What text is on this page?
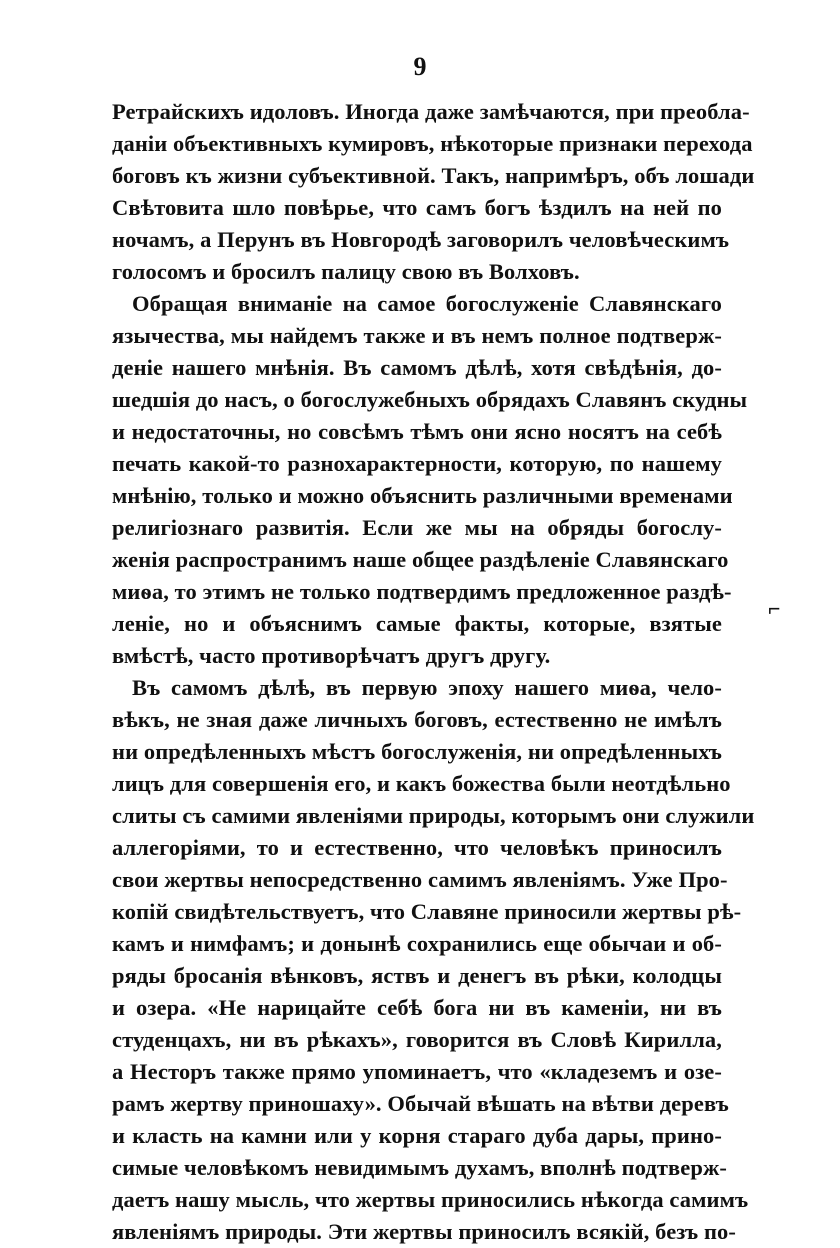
9
Ретрайскихъ идоловъ. Иногда даже замѣчаются, при преобла-
даніи объективныхъ кумировъ, нѣкоторые признаки перехода
боговъ къ жизни субъективной. Такъ, напримѣръ, объ лошади
Свѣтовита шло повѣрье, что самъ богъ ѣздилъ на ней по
ночамъ, а Перунъ въ Новгородѣ заговорилъ человѣческимъ
голосомъ и бросилъ палицу свою въ Волховъ.
Обращая вниманіе на самое богослуженіе Славянскаго
язычества, мы найдемъ также и въ немъ полное подтверж-
деніе нашего мнѣнія. Въ самомъ дѣлѣ, хотя свѣдѣнія, до-
шедшія до насъ, о богослужебныхъ обрядахъ Славянъ скудны
и недостаточны, но совсѣмъ тѣмъ они ясно носятъ на себѣ
печать какой-то разнохарактерности, которую, по нашему
мнѣнію, только и можно объяснить различными временами
религіознаго развитія. Если же мы на обряды богослу-
женія распространимъ наше общее раздѣленіе Славянскаго
миѳа, то этимъ не только подтвердимъ предложенное раздѣ-
леніе, но и объяснимъ самые факты, которые, взятые
вмѣстѣ, часто противорѣчатъ другъ другу.
Въ самомъ дѣлѣ, въ первую эпоху нашего миѳа, чело-
вѣкъ, не зная даже личныхъ боговъ, естественно не имѣлъ
ни опредѣленныхъ мѣстъ богослуженія, ни опредѣленныхъ
лицъ для совершенія его, и какъ божества были неотдѣльно
слиты съ самими явленіями природы, которымъ они служили
аллегоріями, то и естественно, что человѣкъ приносилъ
свои жертвы непосредственно самимъ явленіямъ. Уже Про-
копій свидѣтельствуетъ, что Славяне приносили жертвы рѣ-
камъ и нимфамъ; и донынѣ сохранились еще обычаи и об-
ряды бросанія вѣнковъ, яствъ и денегъ въ рѣки, колодцы
и озера. «Не нарицайте себѣ бога ни въ каменіи, ни въ
студенцахъ, ни въ рѣкахъ», говорится въ Словѣ Кирилла,
а Несторъ также прямо упоминаетъ, что «кладеземъ и озе-
рамъ жертву приношаху». Обычай вѣшать на вѣтви деревъ
и класть на камни или у корня стараго дуба дары, прино-
симые человѣкомъ невидимымъ духамъ, вполнѣ подтверж-
даетъ нашу мысль, что жертвы приносились нѣкогда самимъ
явленіямъ природы. Эти жертвы приносилъ всякій, безъ по-
⌐
